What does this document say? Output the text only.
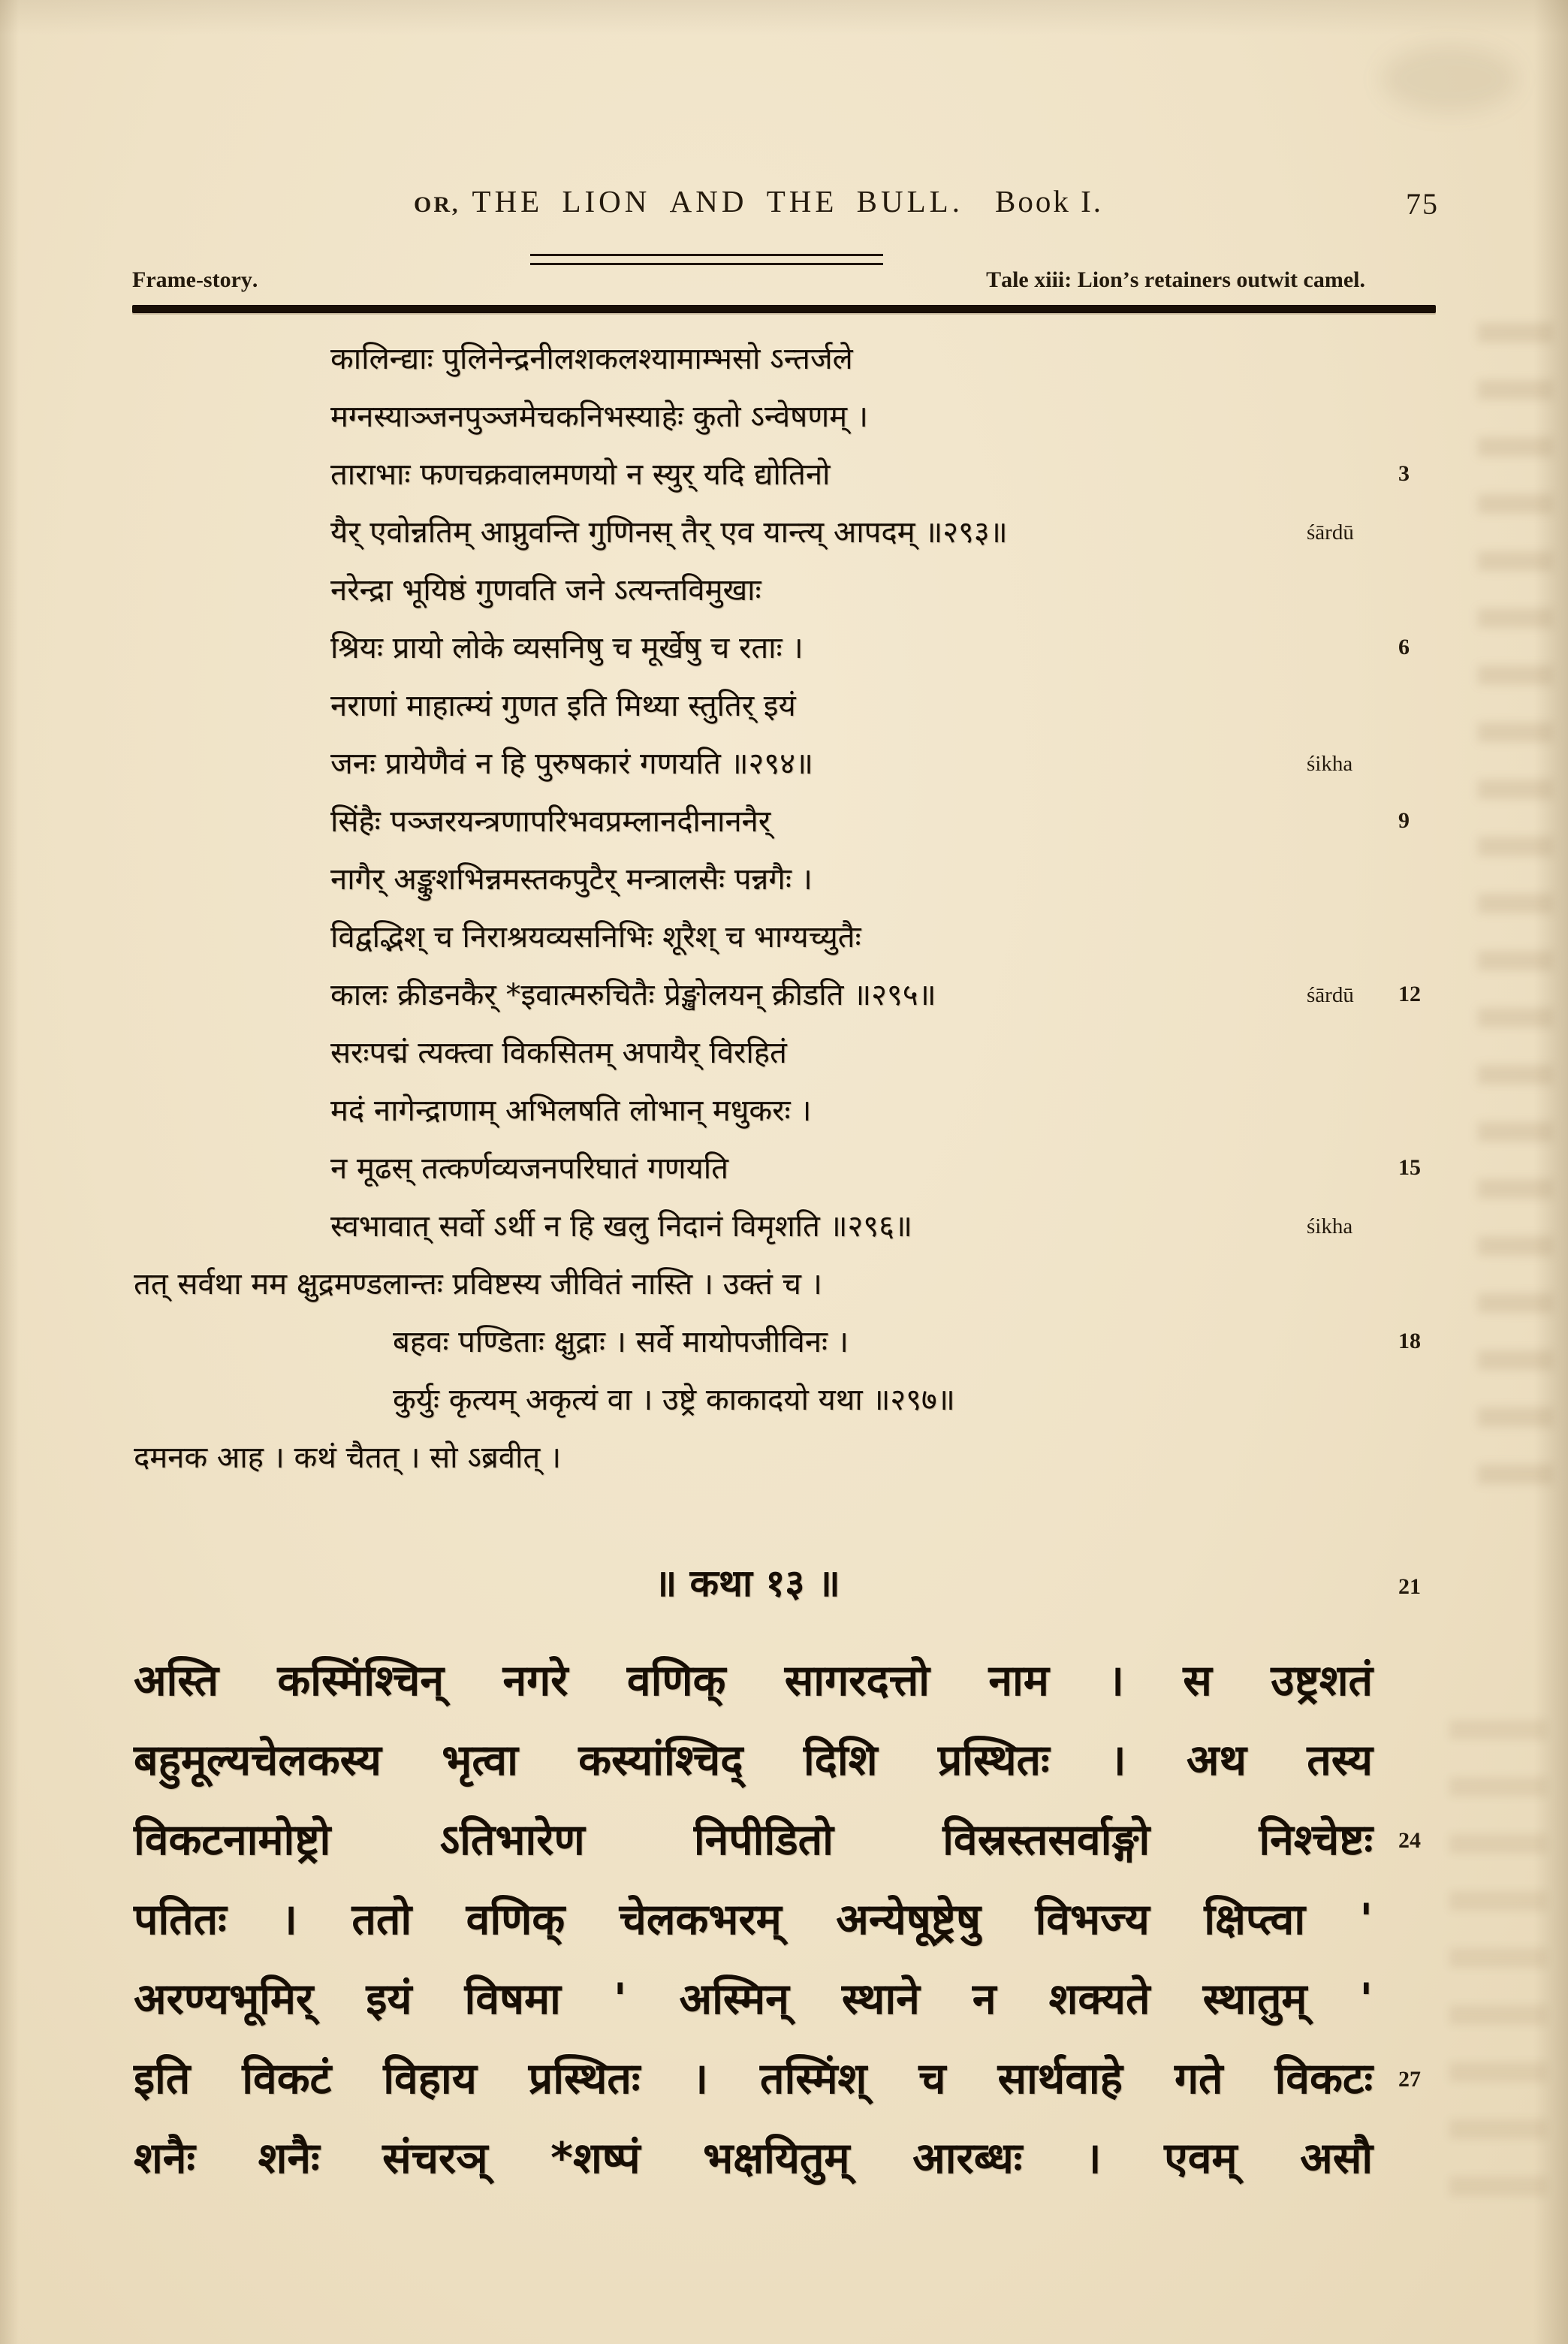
OR, THE LION AND THE BULL. Book I.	75
Frame-story.	Tale xiii: Lion’s retainers outwit camel.
कालिन्द्याः पुलिनेन्द्रनीलशकलश्यामाम्भसो ऽन्तर्जले
मग्नस्याञ्जनपुञ्जमेचकनिभस्याहेः कुतो ऽन्वेषणम् ।
ताराभाः फणचक्रवालमणयो न स्युर् यदि द्योतिनो	3
यैर् एवोन्नतिम् आप्नुवन्ति गुणिनस् तैर् एव यान्त्य् आपदम् ॥२९३॥	śārdū
नरेन्द्रा भूयिष्ठं गुणवति जने ऽत्यन्तविमुखाः
श्रियः प्रायो लोके व्यसनिषु च मूर्खेषु च रताः ।	6
नराणां माहात्म्यं गुणत इति मिथ्या स्तुतिर् इयं
जनः प्रायेणैवं न हि पुरुषकारं गणयति ॥२९४॥	śikha
सिंहैः पञ्जरयन्त्रणापरिभवप्रम्लानदीनाननैर्	9
नागैर् अङ्कुशभिन्नमस्तकपुटैर् मन्त्रालसैः पन्नगैः ।
विद्वद्भिश् च निराश्रयव्यसनिभिः शूरैश् च भाग्यच्युतैः
कालः क्रीडनकैर् *इवात्मरुचितैः प्रेङ्खोलयन् क्रीडति ॥२९५॥	śārdū 12
सरःपद्मं त्यक्त्वा विकसितम् अपायैर् विरहितं
मदं नागेन्द्राणाम् अभिलषति लोभान् मधुकरः ।
न मूढस् तत्कर्णव्यजनपरिघातं गणयति	15
स्वभावात् सर्वो ऽर्थी न हि खलु निदानं विमृशति ॥२९६॥	śikha
तत् सर्वथा मम क्षुद्रमण्डलान्तः प्रविष्टस्य जीवितं नास्ति । उक्तं च ।
बहवः पण्डिताः क्षुद्राः । सर्वे मायोपजीविनः ।	18
कुर्युः कृत्यम् अकृत्यं वा । उष्ट्रे काकादयो यथा ॥२९७॥
दमनक आह । कथं चैतत् । सो ऽब्रवीत् ।
अस्ति कस्मिंश्चिन् नगरे वणिक् सागरदत्तो नाम । स उष्ट्रशतं
बहुमूल्यचेलकस्य भृत्वा कस्यांश्चिद् दिशि प्रस्थितः । अथ तस्य
विकटनामोष्ट्रो ऽतिभारेण निपीडितो विस्रस्तसर्वाङ्गो निश्चेष्टः 24
पतितः । ततो वणिक् चेलकभरम् अन्येषूष्ट्रेषु विभज्य क्षिप्त्वा '
अरण्यभूमिर् इयं विषमा ' अस्मिन् स्थाने न शक्यते स्थातुम् '
इति विकटं विहाय प्रस्थितः । तस्मिंश् च सार्थवाहे गते विकटः 27
शनैः शनैः संचरञ् *शष्पं भक्षयितुम् आरब्धः । एवम् असौ
॥ कथा १३ ॥	21
